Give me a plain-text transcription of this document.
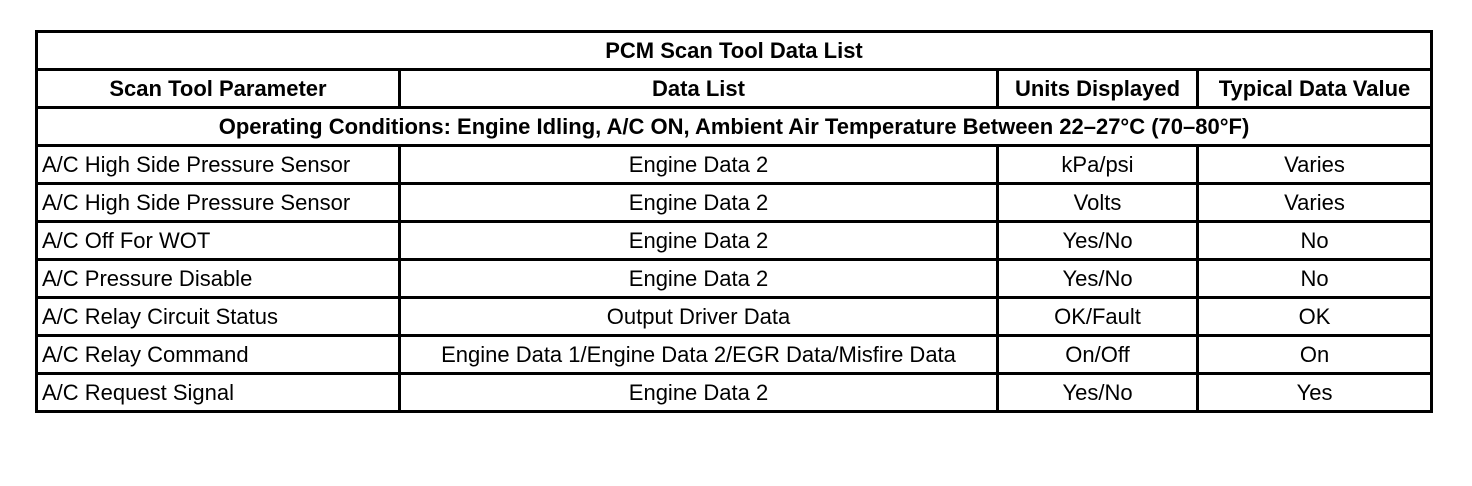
PCM Scan Tool Data List			
Scan Tool Parameter	Data List	Units Displayed	Typical Data Value
Operating Conditions: Engine Idling, A/C ON, Ambient Air Temperature Between 22–27°C (70–80°F)			
A/C High Side Pressure Sensor	Engine Data 2	kPa/psi	Varies
A/C High Side Pressure Sensor	Engine Data 2	Volts	Varies
A/C Off For WOT	Engine Data 2	Yes/No	No
A/C Pressure Disable	Engine Data 2	Yes/No	No
A/C Relay Circuit Status	Output Driver Data	OK/Fault	OK
A/C Relay Command	Engine Data 1/Engine Data 2/EGR Data/Misfire Data	On/Off	On
A/C Request Signal	Engine Data 2	Yes/No	Yes
